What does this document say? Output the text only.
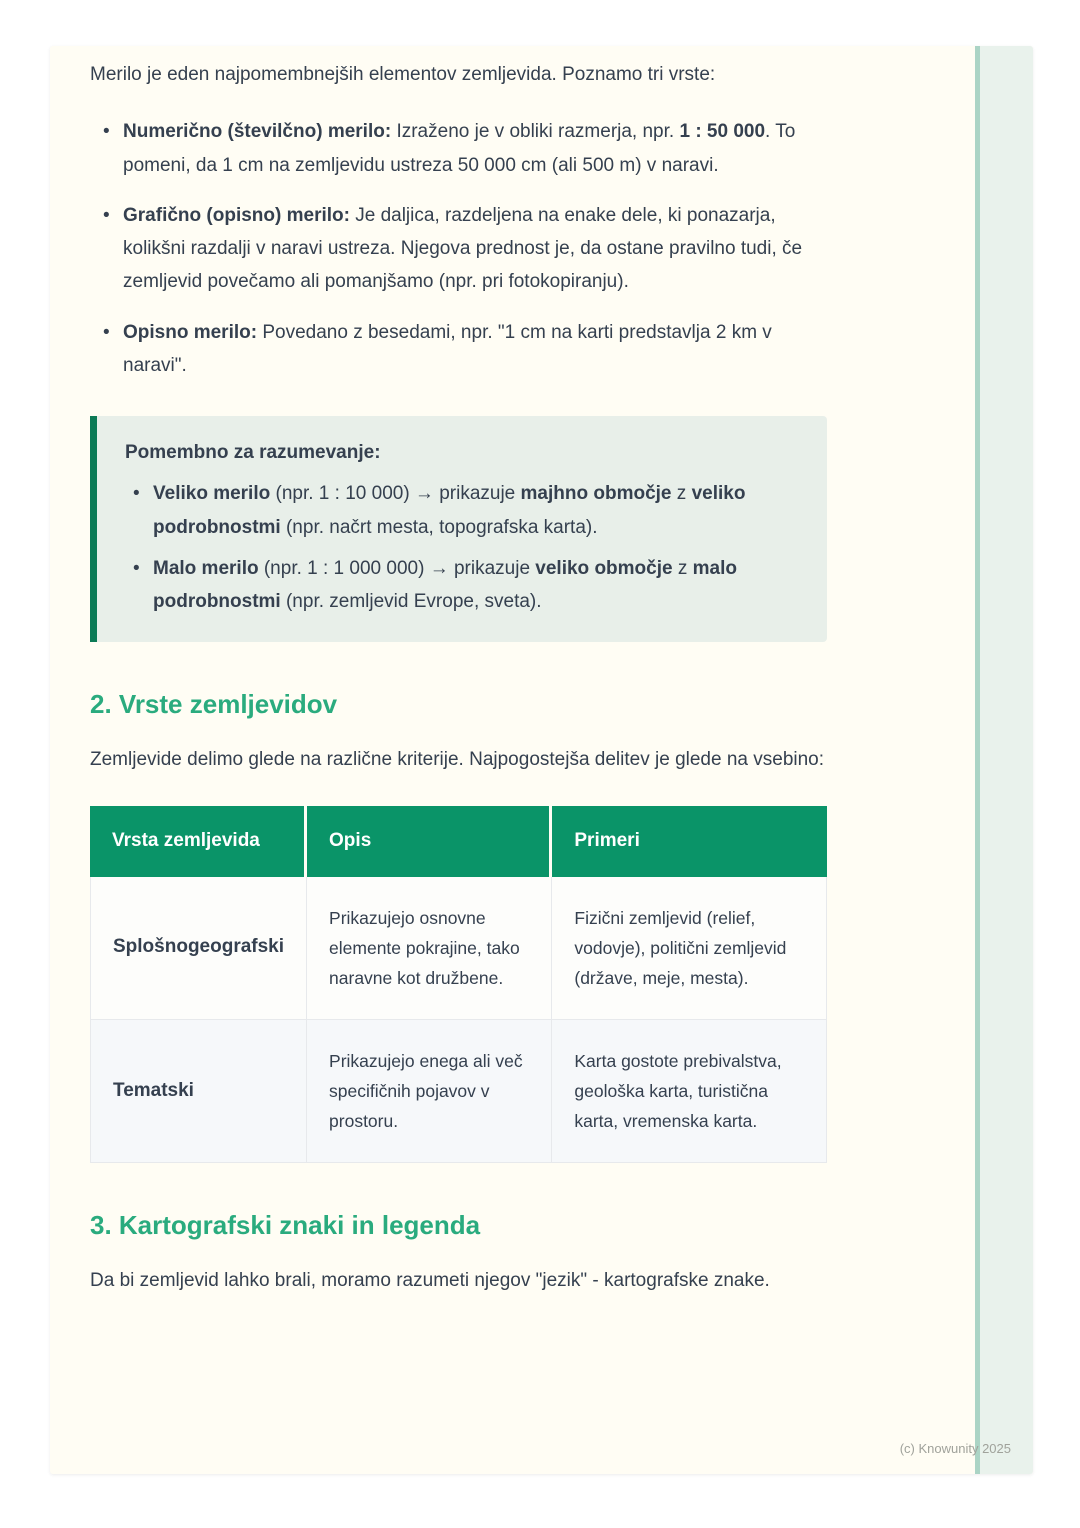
Merilo je eden najpomembnejših elementov zemljevida. Poznamo tri vrste:

• Numerično (številčno) merilo: Izraženo je v obliki razmerja, npr. 1 : 50 000. To pomeni, da 1 cm na zemljevidu ustreza 50 000 cm (ali 500 m) v naravi.
• Grafično (opisno) merilo: Je daljica, razdeljena na enake dele, ki ponazarja, kolikšni razdalji v naravi ustreza. Njegova prednost je, da ostane pravilno tudi, če zemljevid povečamo ali pomanjšamo (npr. pri fotokopiranju).
• Opisno merilo: Povedano z besedami, npr. "1 cm na karti predstavlja 2 km v naravi".

Pomembno za razumevanje:

• Veliko merilo (npr. 1 : 10 000) → prikazuje majhno območje z veliko podrobnostmi (npr. načrt mesta, topografska karta).
• Malo merilo (npr. 1 : 1 000 000) → prikazuje veliko območje z malo podrobnostmi (npr. zemljevid Evrope, sveta).
2. Vrste zemljevidov

Zemljevide delimo glede na različne kriterije. Najpogostejša delitev je glede na vsebino:

Vrsta zemljevida	Opis	Primeri
Splošnogeografski	Prikazujejo osnovne elemente pokrajine, tako naravne kot družbene.	Fizični zemljevid (relief, vodovje), politični zemljevid (države, meje, mesta).
Tematski	Prikazujejo enega ali več specifičnih pojavov v prostoru.	Karta gostote prebivalstva, geološka karta, turistična karta, vremenska karta.
3. Kartografski znaki in legenda

Da bi zemljevid lahko brali, moramo razumeti njegov "jezik" - kartografske znake.

(c) Knowunity 2025
